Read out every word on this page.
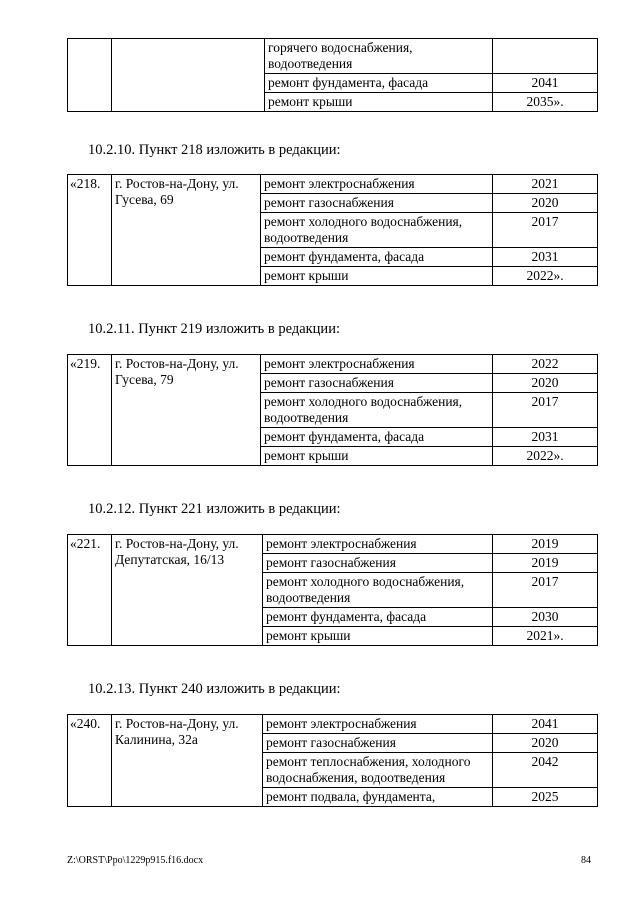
		горячего водоснабжения, водоотведения	
		ремонт фундамента, фасада	2041
		ремонт крыши	2035».

10.2.10. Пункт 218 изложить в редакции:

«218.	г. Ростов-на-Дону, ул. Гусева, 69	ремонт электроснабжения	2021
		ремонт газоснабжения	2020
		ремонт холодного водоснабжения, водоотведения	2017
		ремонт фундамента, фасада	2031
		ремонт крыши	2022».

10.2.11. Пункт 219 изложить в редакции:

«219.	г. Ростов-на-Дону, ул. Гусева, 79	ремонт электроснабжения	2022
		ремонт газоснабжения	2020
		ремонт холодного водоснабжения, водоотведения	2017
		ремонт фундамента, фасада	2031
		ремонт крыши	2022».

10.2.12. Пункт 221 изложить в редакции:

«221.	г. Ростов-на-Дону, ул. Депутатская, 16/13	ремонт электроснабжения	2019
		ремонт газоснабжения	2019
		ремонт холодного водоснабжения, водоотведения	2017
		ремонт фундамента, фасада	2030
		ремонт крыши	2021».

10.2.13. Пункт 240 изложить в редакции:

«240.	г. Ростов-на-Дону, ул. Калинина, 32а	ремонт электроснабжения	2041
		ремонт газоснабжения	2020
		ремонт теплоснабжения, холодного водоснабжения, водоотведения	2042
		ремонт подвала, фундамента,	2025
Z:\ORST\Ppo\1229p915.f16.docx	84
